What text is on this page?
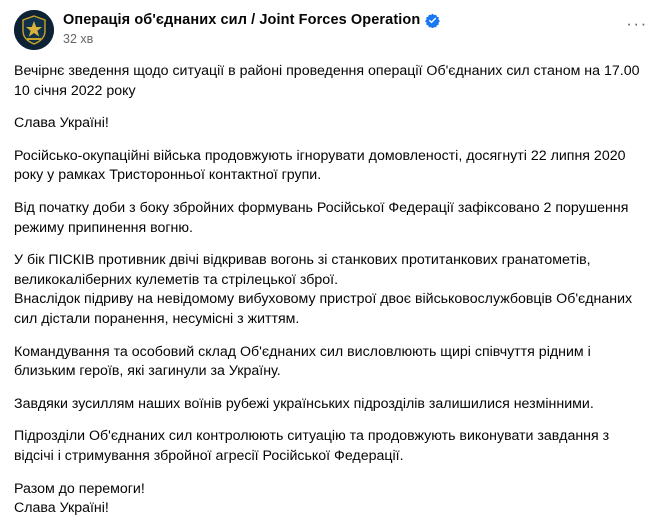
Операція об'єднаних сил / Joint Forces Operation
32 хв
···

Вечірнє зведення щодо ситуації в районі проведення операції Об'єднаних сил станом на 17.00 10 січня 2022 року

Слава Україні!

Російсько-окупаційні війська продовжують ігнорувати домовленості, досягнуті 22 липня 2020 року у рамках Тристоронньої контактної групи.

Від початку доби з боку збройних формувань Російської Федерації зафіксовано 2 порушення режиму припинення вогню.

У бік ПІСКІВ противник двічі відкривав вогонь зі станкових протитанкових гранатометів, великокаліберних кулеметів та стрілецької зброї.

Внаслідок підриву на невідомому вибуховому пристрої двоє військовослужбовців Об'єднаних сил дістали поранення, несумісні з життям.

Командування та особовий склад Об'єднаних сил висловлюють щирі співчуття рідним і близьким героїв, які загинули за Україну.

Завдяки зусиллям наших воїнів рубежі українських підрозділів залишилися незмінними.

Підрозділи Об'єднаних сил контролюють ситуацію та продовжують виконувати завдання з відсічі і стримування збройної агресії Російської Федерації.

Разом до перемоги!

Слава Україні!
